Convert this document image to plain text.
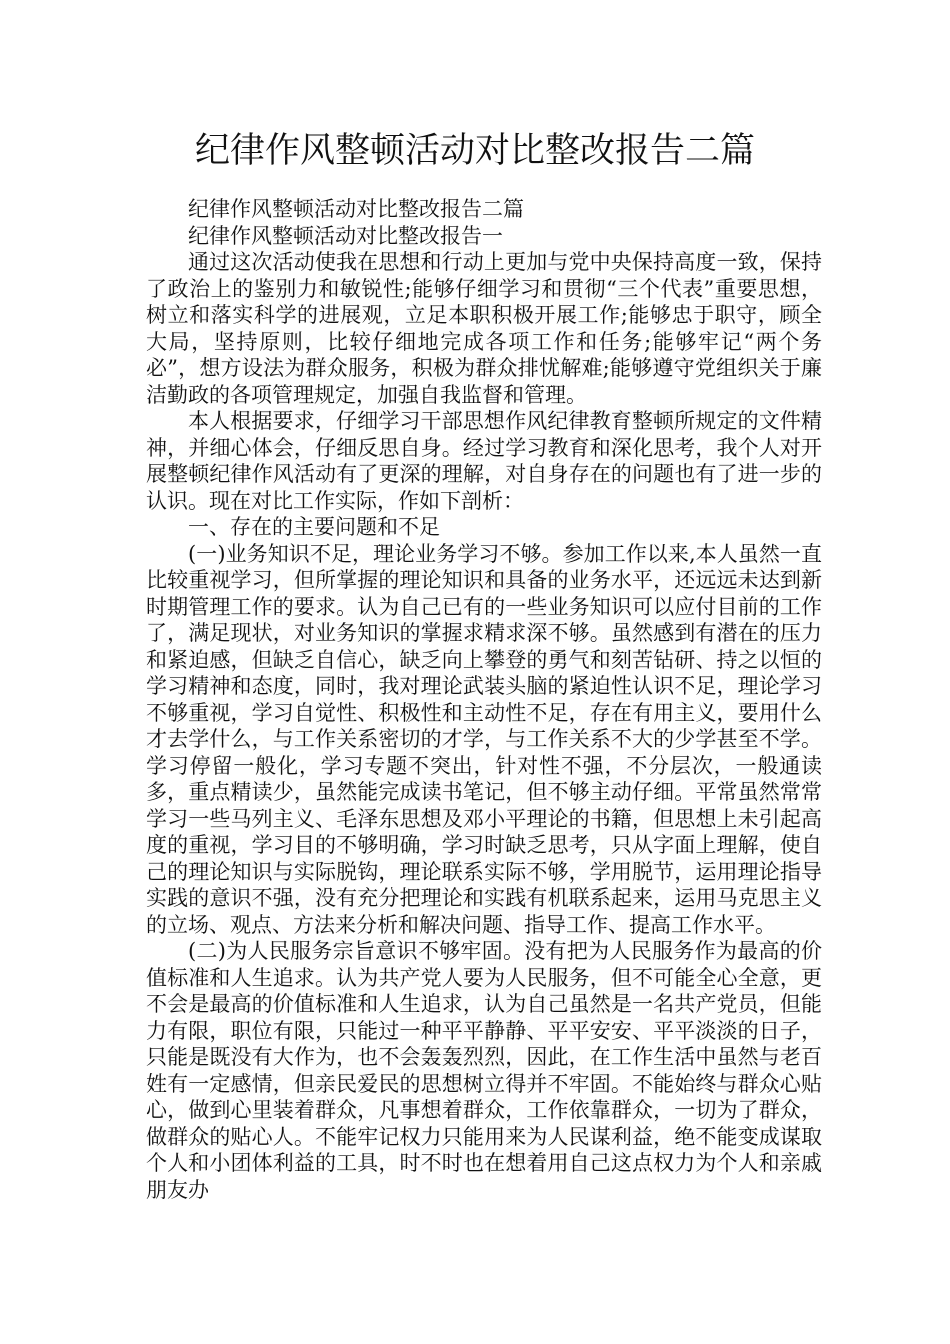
纪律作风整顿活动对比整改报告二篇

纪律作风整顿活动对比整改报告二篇

纪律作风整顿活动对比整改报告一

通过这次活动使我在思想和行动上更加与党中央保持高度一致，保持了政治上的鉴别力和敏锐性;能够仔细学习和贯彻“三个代表”重要思想，树立和落实科学的进展观，立足本职积极开展工作;能够忠于职守，顾全大局，坚持原则，比较仔细地完成各项工作和任务;能够牢记“两个务必”，想方设法为群众服务，积极为群众排忧解难;能够遵守党组织关于廉洁勤政的各项管理规定，加强自我监督和管理。

本人根据要求，仔细学习干部思想作风纪律教育整顿所规定的文件精神，并细心体会，仔细反思自身。经过学习教育和深化思考，我个人对开展整顿纪律作风活动有了更深的理解，对自身存在的问题也有了进一步的认识。现在对比工作实际，作如下剖析：

一、存在的主要问题和不足

(一)业务知识不足，理论业务学习不够。参加工作以来,本人虽然一直比较重视学习，但所掌握的理论知识和具备的业务水平，还远远未达到新时期管理工作的要求。认为自己已有的一些业务知识可以应付目前的工作了，满足现状，对业务知识的掌握求精求深不够。虽然感到有潜在的压力和紧迫感，但缺乏自信心，缺乏向上攀登的勇气和刻苦钻研、持之以恒的学习精神和态度，同时，我对理论武装头脑的紧迫性认识不足，理论学习不够重视，学习自觉性、积极性和主动性不足，存在有用主义，要用什么才去学什么，与工作关系密切的才学，与工作关系不大的少学甚至不学。学习停留一般化，学习专题不突出，针对性不强，不分层次，一般通读多，重点精读少，虽然能完成读书笔记，但不够主动仔细。平常虽然常常学习一些马列主义、毛泽东思想及邓小平理论的书籍，但思想上未引起高度的重视，学习目的不够明确，学习时缺乏思考，只从字面上理解，使自己的理论知识与实际脱钩，理论联系实际不够，学用脱节，运用理论指导实践的意识不强，没有充分把理论和实践有机联系起来，运用马克思主义的立场、观点、方法来分析和解决问题、指导工作、提高工作水平。

(二)为人民服务宗旨意识不够牢固。没有把为人民服务作为最高的价值标准和人生追求。认为共产党人要为人民服务，但不可能全心全意，更不会是最高的价值标准和人生追求，认为自己虽然是一名共产党员，但能力有限，职位有限，只能过一种平平静静、平平安安、平平淡淡的日子，只能是既没有大作为，也不会轰轰烈烈，因此，在工作生活中虽然与老百姓有一定感情，但亲民爱民的思想树立得并不牢固。不能始终与群众心贴心，做到心里装着群众，凡事想着群众，工作依靠群众，一切为了群众，做群众的贴心人。不能牢记权力只能用来为人民谋利益，绝不能变成谋取个人和小团体利益的工具，时不时也在想着用自己这点权力为个人和亲戚朋友办
